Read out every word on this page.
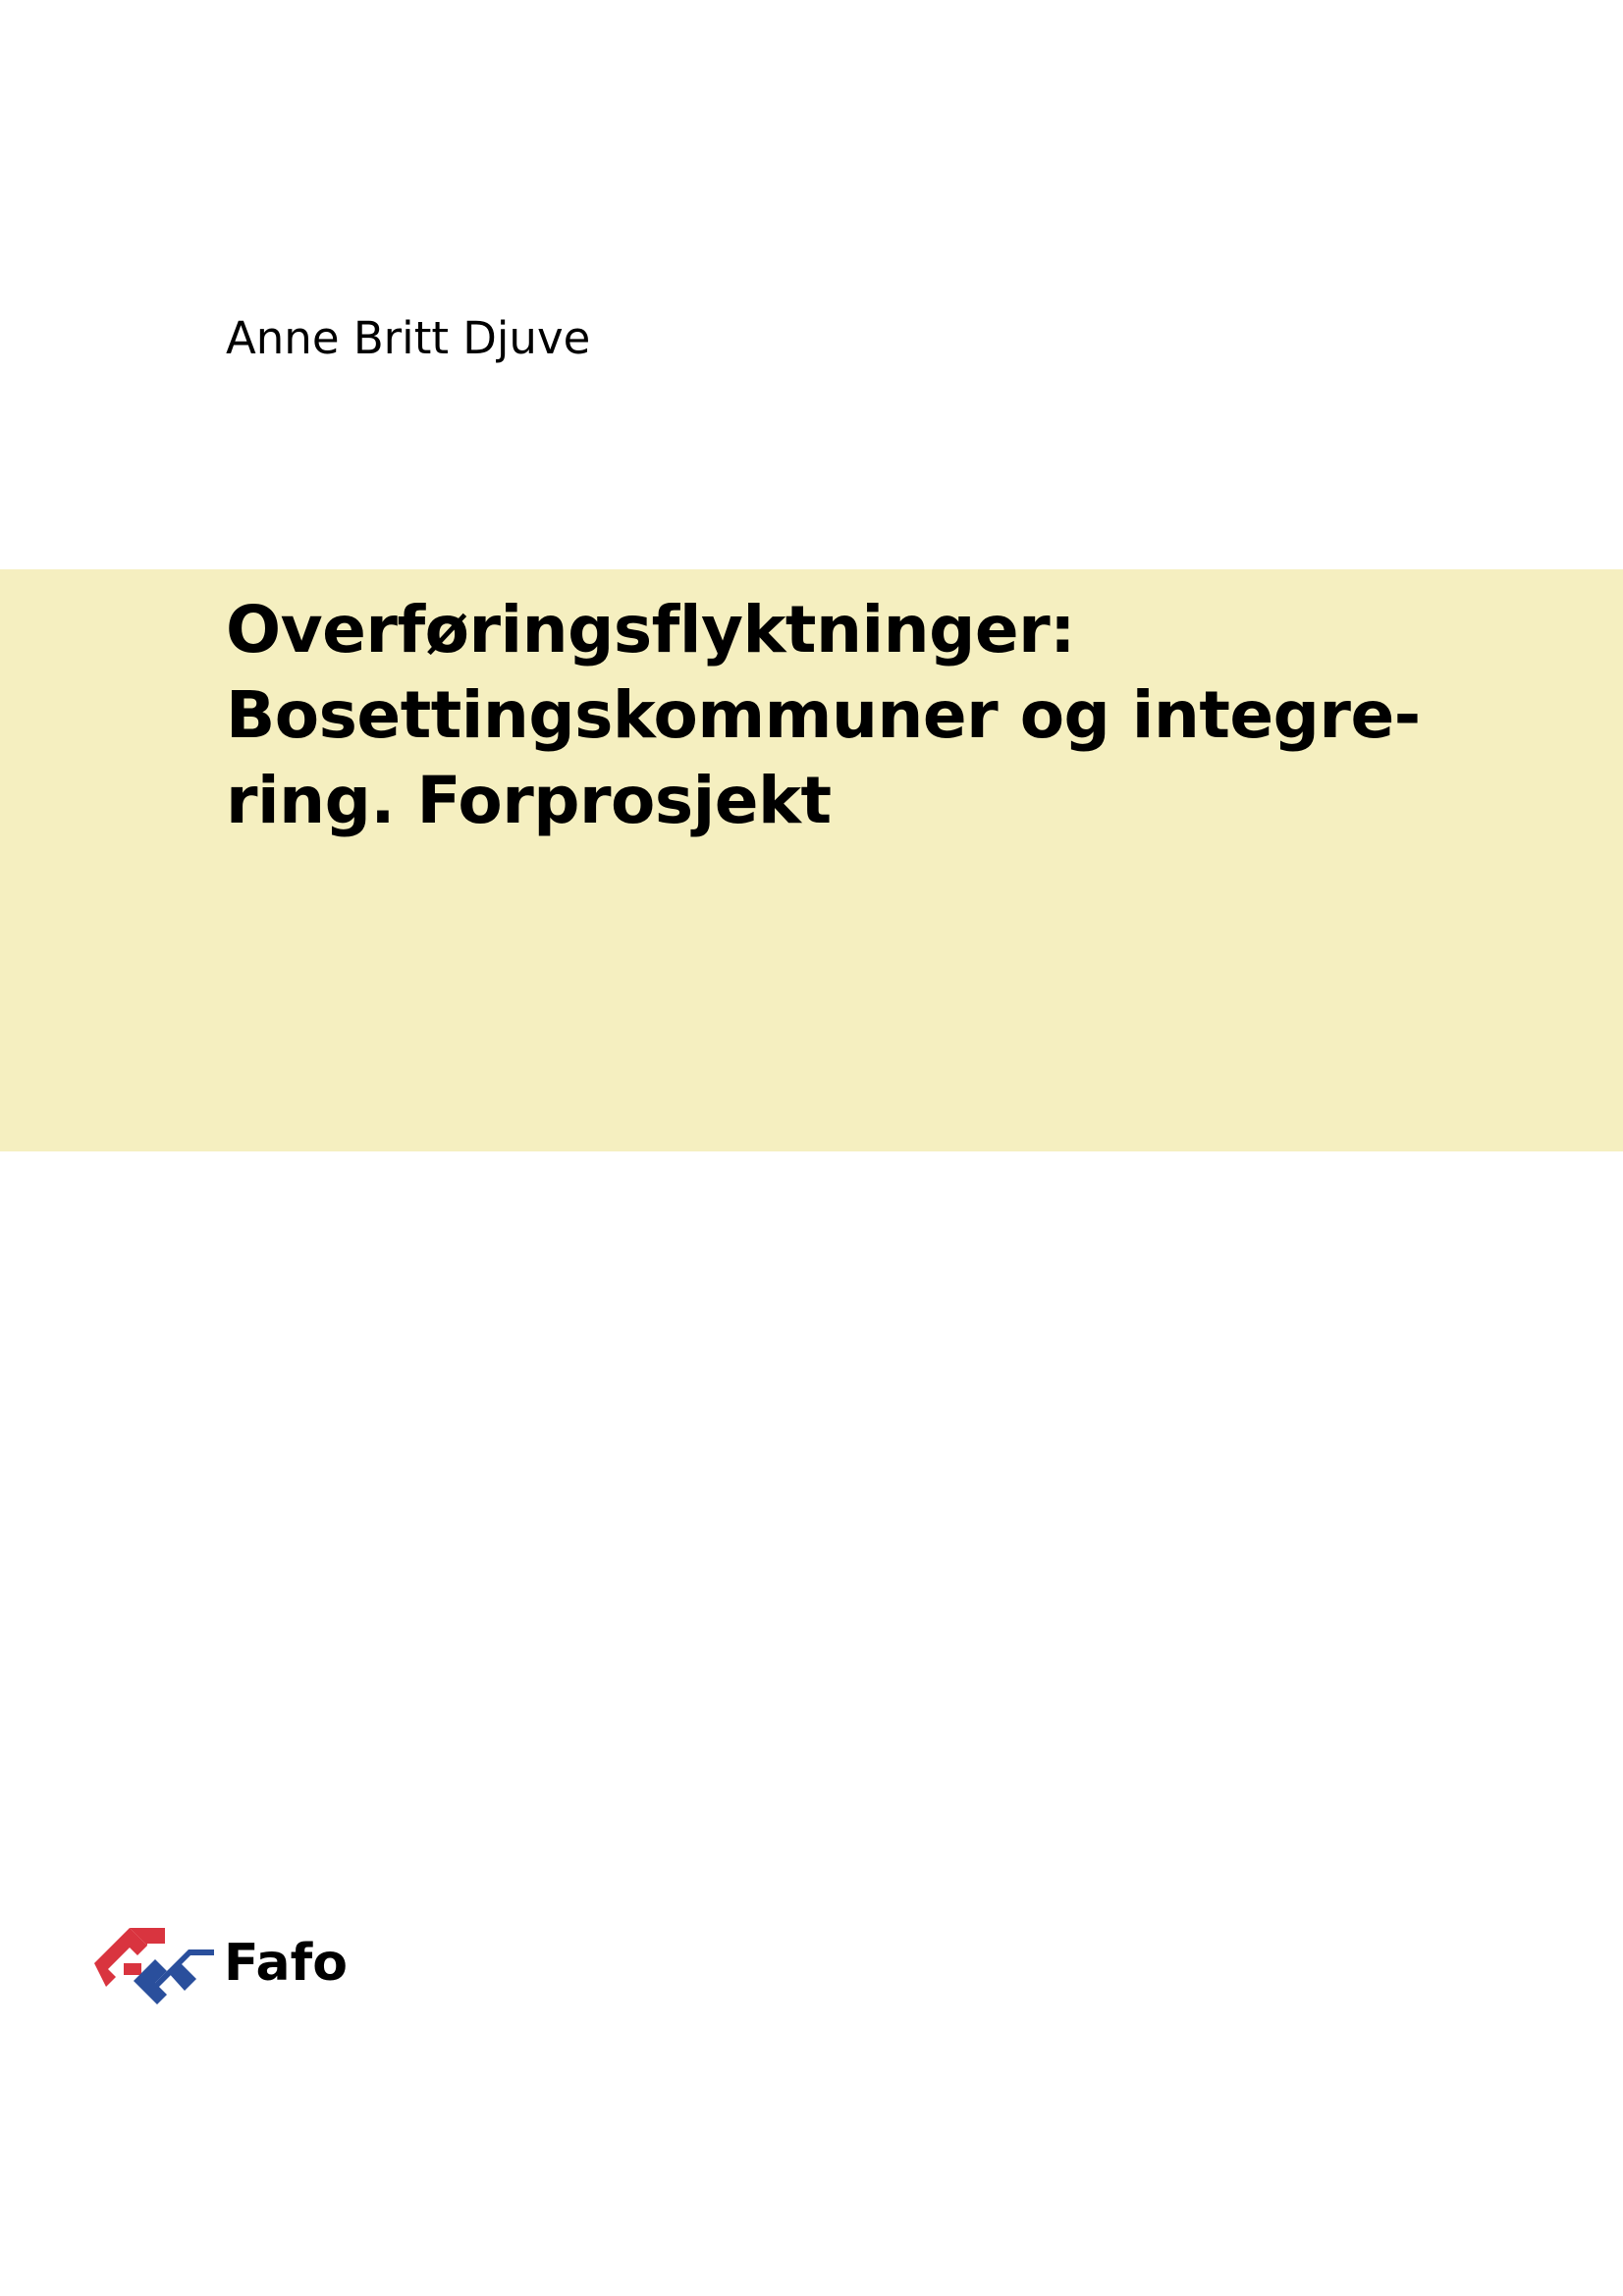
Anne Britt Djuve
Overføringsflyktninger:
Bosettingskommuner og integre-
ring. Forprosjekt
Fafo
